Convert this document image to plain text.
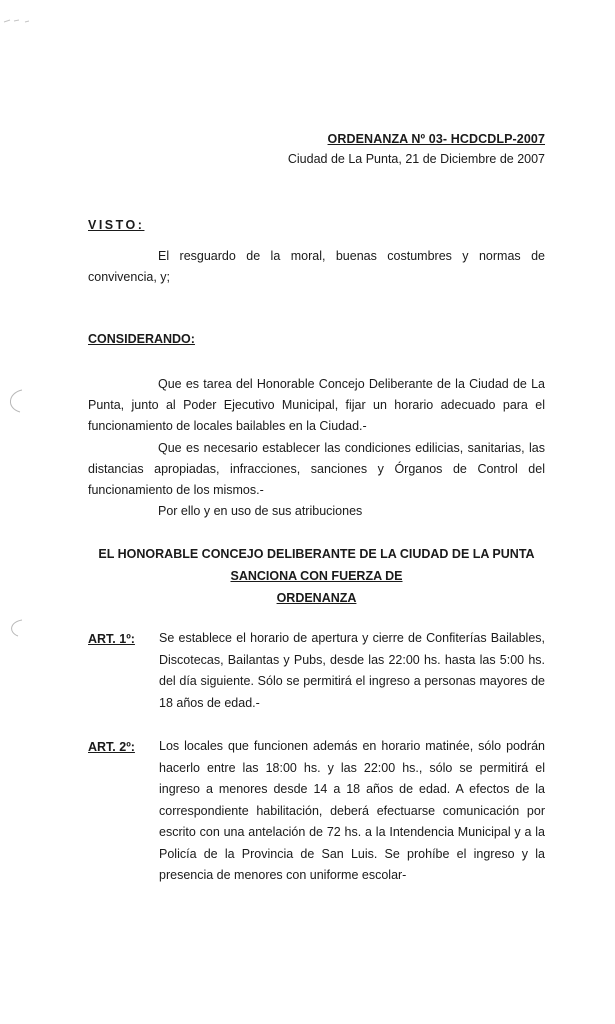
ORDENANZA Nº 03- HCDCDLP-2007
Ciudad de La Punta, 21 de Diciembre de 2007
VISTO:
El resguardo de la moral, buenas costumbres y normas de convivencia, y;
CONSIDERANDO:
Que es tarea del Honorable Concejo Deliberante de la Ciudad de La Punta, junto al Poder Ejecutivo Municipal, fijar un horario adecuado para el funcionamiento de locales bailables en la Ciudad.-
Que es necesario establecer las condiciones edilicias, sanitarias, las distancias apropiadas, infracciones, sanciones y Órganos de Control del funcionamiento de los mismos.-
Por ello y en uso de sus atribuciones
EL HONORABLE CONCEJO DELIBERANTE DE LA CIUDAD DE LA PUNTA
SANCIONA CON FUERZA DE
ORDENANZA
ART. 1º: Se establece el horario de apertura y cierre de Confiterías Bailables, Discotecas, Bailantas y Pubs, desde las 22:00 hs. hasta las 5:00 hs. del día siguiente. Sólo se permitirá el ingreso a personas mayores de 18 años de edad.-
ART. 2º: Los locales que funcionen además en horario matinée, sólo podrán hacerlo entre las 18:00 hs. y las 22:00 hs., sólo se permitirá el ingreso a menores desde 14 a 18 años de edad. A efectos de la correspondiente habilitación, deberá efectuarse comunicación por escrito con una antelación de 72 hs. a la Intendencia Municipal y a la Policía de la Provincia de San Luis. Se prohíbe el ingreso y la presencia de menores con uniforme escolar-
